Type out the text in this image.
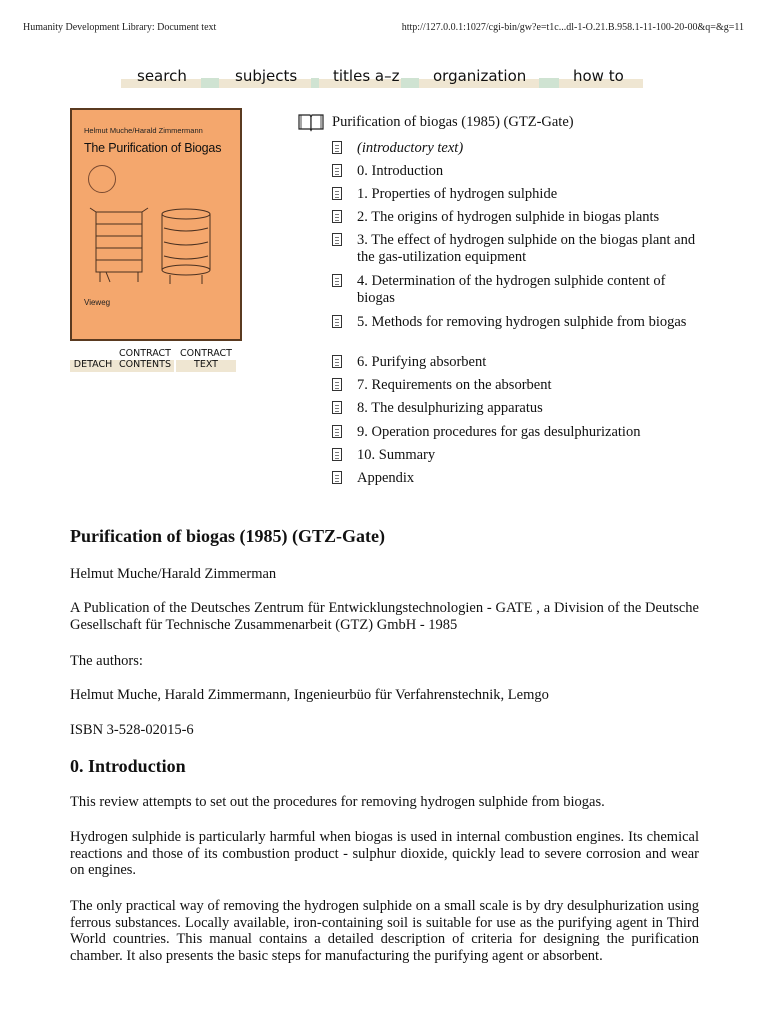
Humanity Development Library: Document text	http://127.0.0.1:1027/cgi-bin/gw?e=t1c...dl-1-O.21.B.958.1-11-100-20-00&q=&g=11
search	subjects	titles a–z	organization	how to
Helmut Muche/Harald Zimmermann
The Purification of Biogas
Vieweg

DETACH
CONTRACT
CONTENTS
CONTRACT
TEXT
Purification of biogas (1985) (GTZ-Gate)
(introductory text)
0. Introduction
1. Properties of hydrogen sulphide
2. The origins of hydrogen sulphide in biogas plants
3. The effect of hydrogen sulphide on the biogas plant and the gas-utilization equipment
4. Determination of the hydrogen sulphide content of biogas
5. Methods for removing hydrogen sulphide from biogas
6. Purifying absorbent
7. Requirements on the absorbent
8. The desulphurizing apparatus
9. Operation procedures for gas desulphurization
10. Summary
Appendix
Purification of biogas (1985) (GTZ-Gate)
Helmut Muche/Harald Zimmerman
A Publication of the Deutsches Zentrum für Entwicklungstechnologien - GATE , a Division of the Deutsche Gesellschaft für Technische Zusammenarbeit (GTZ) GmbH - 1985
The authors:
Helmut Muche, Harald Zimmermann, Ingenieurbüo für Verfahrenstechnik, Lemgo
ISBN 3-528-02015-6
0. Introduction
This review attempts to set out the procedures for removing hydrogen sulphide from biogas.
Hydrogen sulphide is particularly harmful when biogas is used in internal combustion engines. Its chemical reactions and those of its combustion product - sulphur dioxide, quickly lead to severe corrosion and wear on engines.
The only practical way of removing the hydrogen sulphide on a small scale is by dry desulphurization using ferrous substances. Locally available, iron-containing soil is suitable for use as the purifying agent in Third World countries. This manual contains a detailed description of criteria for designing the purification chamber. It also presents the basic steps for manufacturing the purifying agent or absorbent.
